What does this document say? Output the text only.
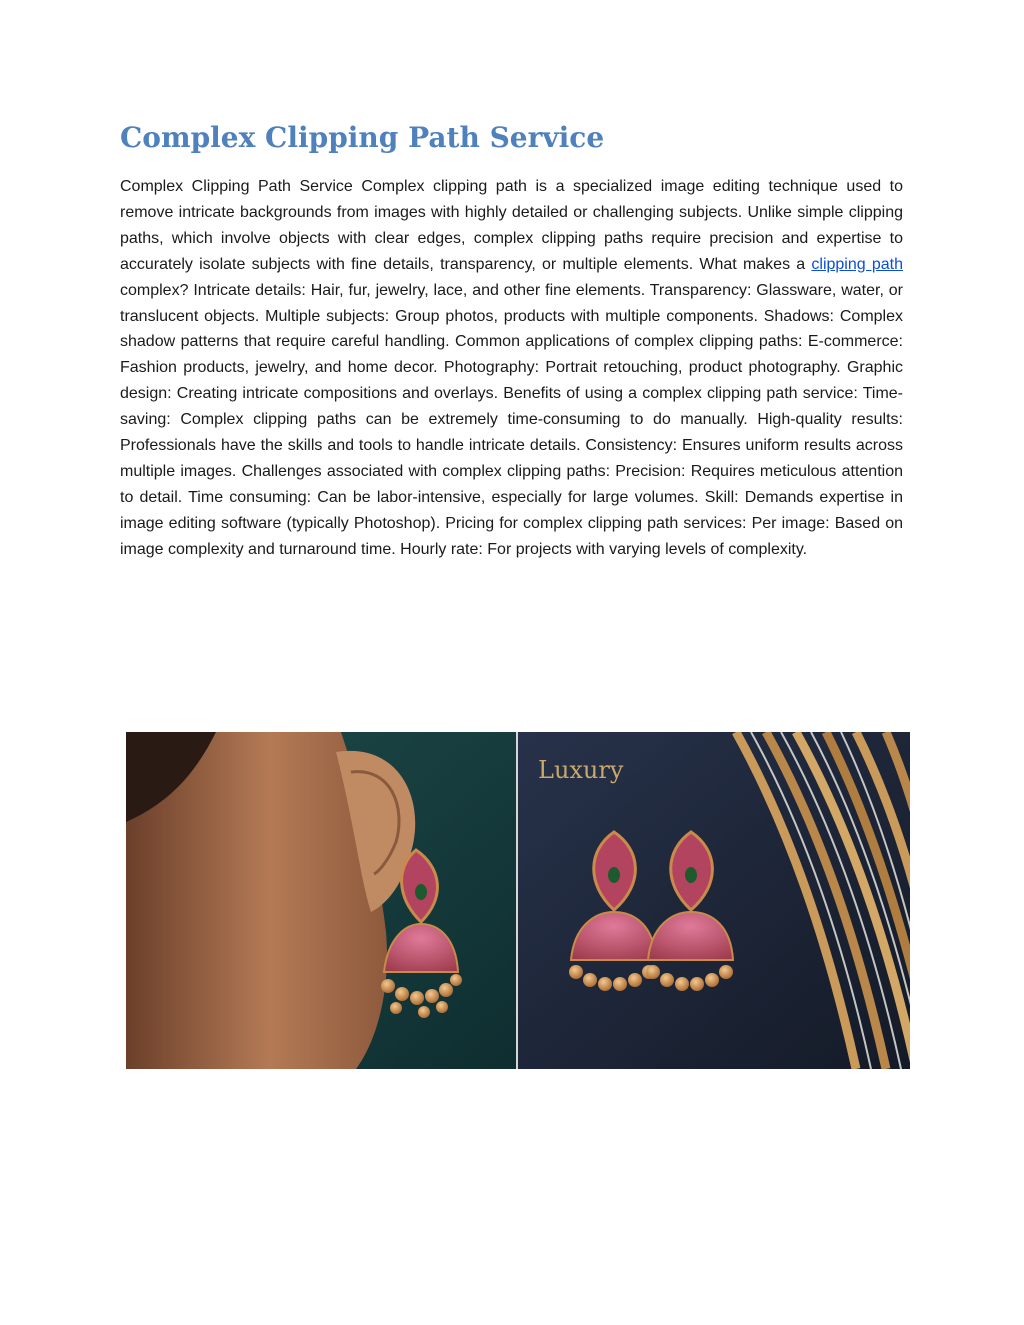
Complex Clipping Path Service

Complex Clipping Path Service Complex clipping path is a specialized image editing technique used to remove intricate backgrounds from images with highly detailed or challenging subjects. Unlike simple clipping paths, which involve objects with clear edges, complex clipping paths require precision and expertise to accurately isolate subjects with fine details, transparency, or multiple elements. What makes a clipping path complex? Intricate details: Hair, fur, jewelry, lace, and other fine elements. Transparency: Glassware, water, or translucent objects. Multiple subjects: Group photos, products with multiple components. Shadows: Complex shadow patterns that require careful handling. Common applications of complex clipping paths: E-commerce: Fashion products, jewelry, and home decor. Photography: Portrait retouching, product photography. Graphic design: Creating intricate compositions and overlays. Benefits of using a complex clipping path service: Time-saving: Complex clipping paths can be extremely time-consuming to do manually. High-quality results: Professionals have the skills and tools to handle intricate details. Consistency: Ensures uniform results across multiple images. Challenges associated with complex clipping paths: Precision: Requires meticulous attention to detail. Time consuming: Can be labor-intensive, especially for large volumes. Skill: Demands expertise in image editing software (typically Photoshop). Pricing for complex clipping path services: Per image: Based on image complexity and turnaround time. Hourly rate: For projects with varying levels of complexity.

Luxury
